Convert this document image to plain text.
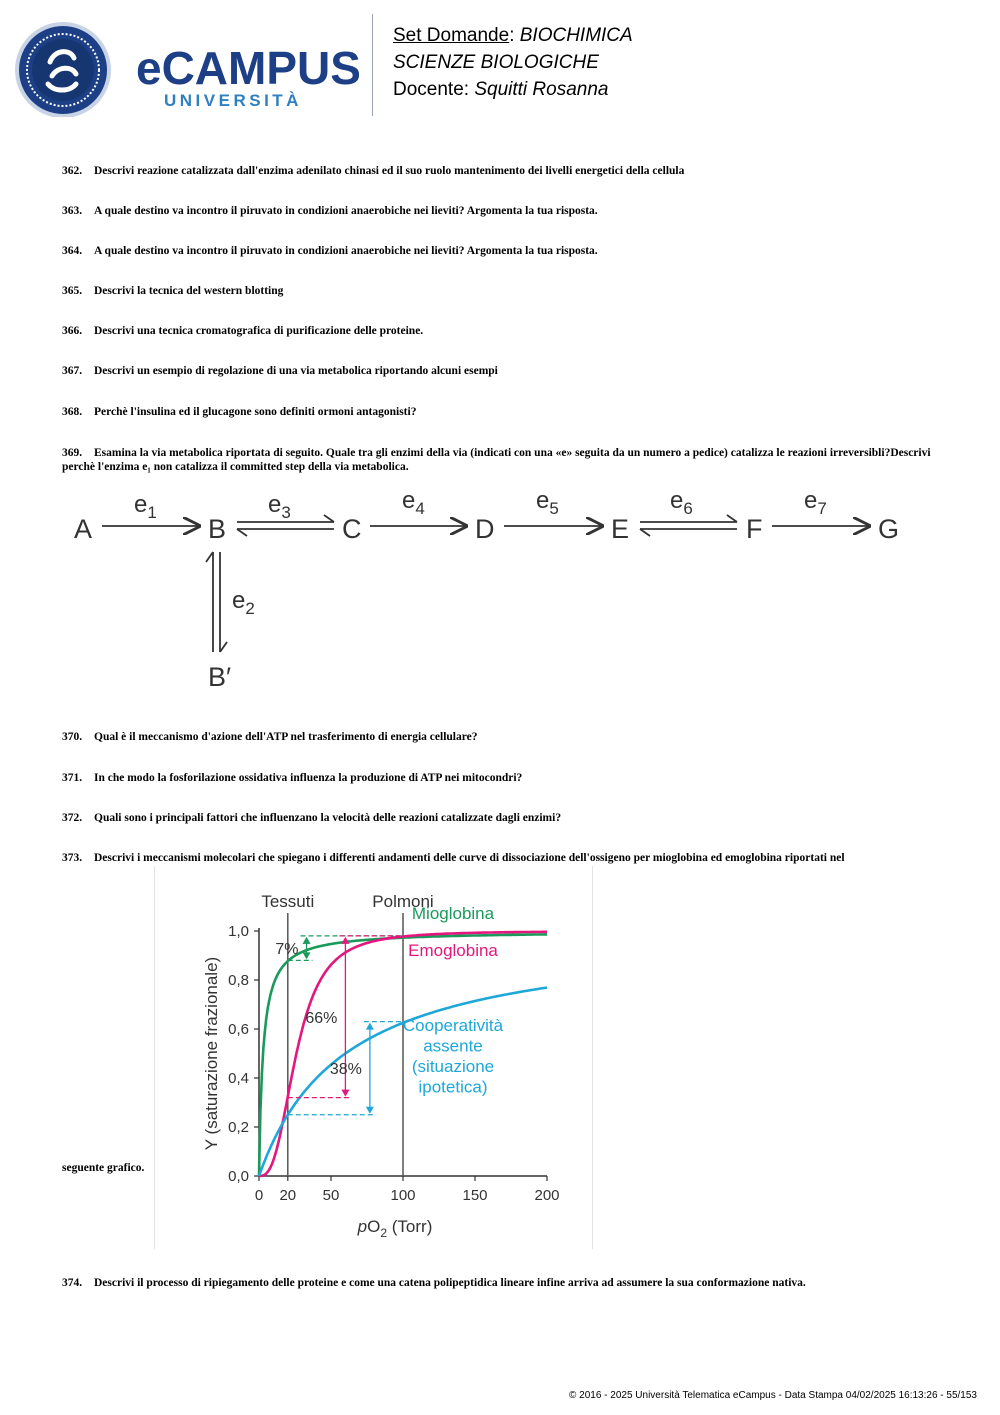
eCAMPUS
UNIVERSITÀ
Set Domande: BIOCHIMICA
SCIENZE BIOLOGICHE
Docente: Squitti Rosanna
362. Descrivi reazione catalizzata dall'enzima adenilato chinasi ed il suo ruolo mantenimento dei livelli energetici della cellula
363. A quale destino va incontro il piruvato in condizioni anaerobiche nei lieviti? Argomenta la tua risposta.
364. A quale destino va incontro il piruvato in condizioni anaerobiche nei lieviti? Argomenta la tua risposta.
365. Descrivi la tecnica del western blotting
366. Descrivi una tecnica cromatografica di purificazione delle proteine.
367. Descrivi un esempio di regolazione di una via metabolica riportando alcuni esempi
368. Perchè l'insulina ed il glucagone sono definiti ormoni antagonisti?
369. Esamina la via metabolica riportata di seguito. Quale tra gli enzimi della via (indicati con una «e» seguita da un numero a pedice) catalizza le reazioni irreversibli?Descrivi perchè l'enzima e₁ non catalizza il committed step della via metabolica.
A	B	C	D	E	F	G
B′
$e_1$	$e_3$	$e_4$	$e_5$	$e_6$	$e_7$
$e_2$
370. Qual è il meccanismo d'azione dell'ATP nel trasferimento di energia cellulare?
371. In che modo la fosforilazione ossidativa influenza la produzione di ATP nei mitocondri?
372. Quali sono i principali fattori che influenzano la velocità delle reazioni catalizzate dagli enzimi?
373. Descrivi i meccanismi molecolari che spiegano i differenti andamenti delle curve di dissociazione dell'ossigeno per mioglobina ed emoglobina riportati nel
seguente grafico.
0 20 50	100	150	200
0,0
0,2
0,4
0,6
0,8
1,0
Tessuti	Polmoni
$pO_2$ (Torr)
Y (saturazione frazionale)
Mioglobina
Emoglobina
Cooperatività
assente
(situazione
ipotetica)
7%
66%
38%
374. Descrivi il processo di ripiegamento delle proteine e come una catena polipeptidica lineare infine arriva ad assumere la sua conformazione nativa.
© 2016 - 2025 Università Telematica eCampus - Data Stampa 04/02/2025 16:13:26 - 55/153
